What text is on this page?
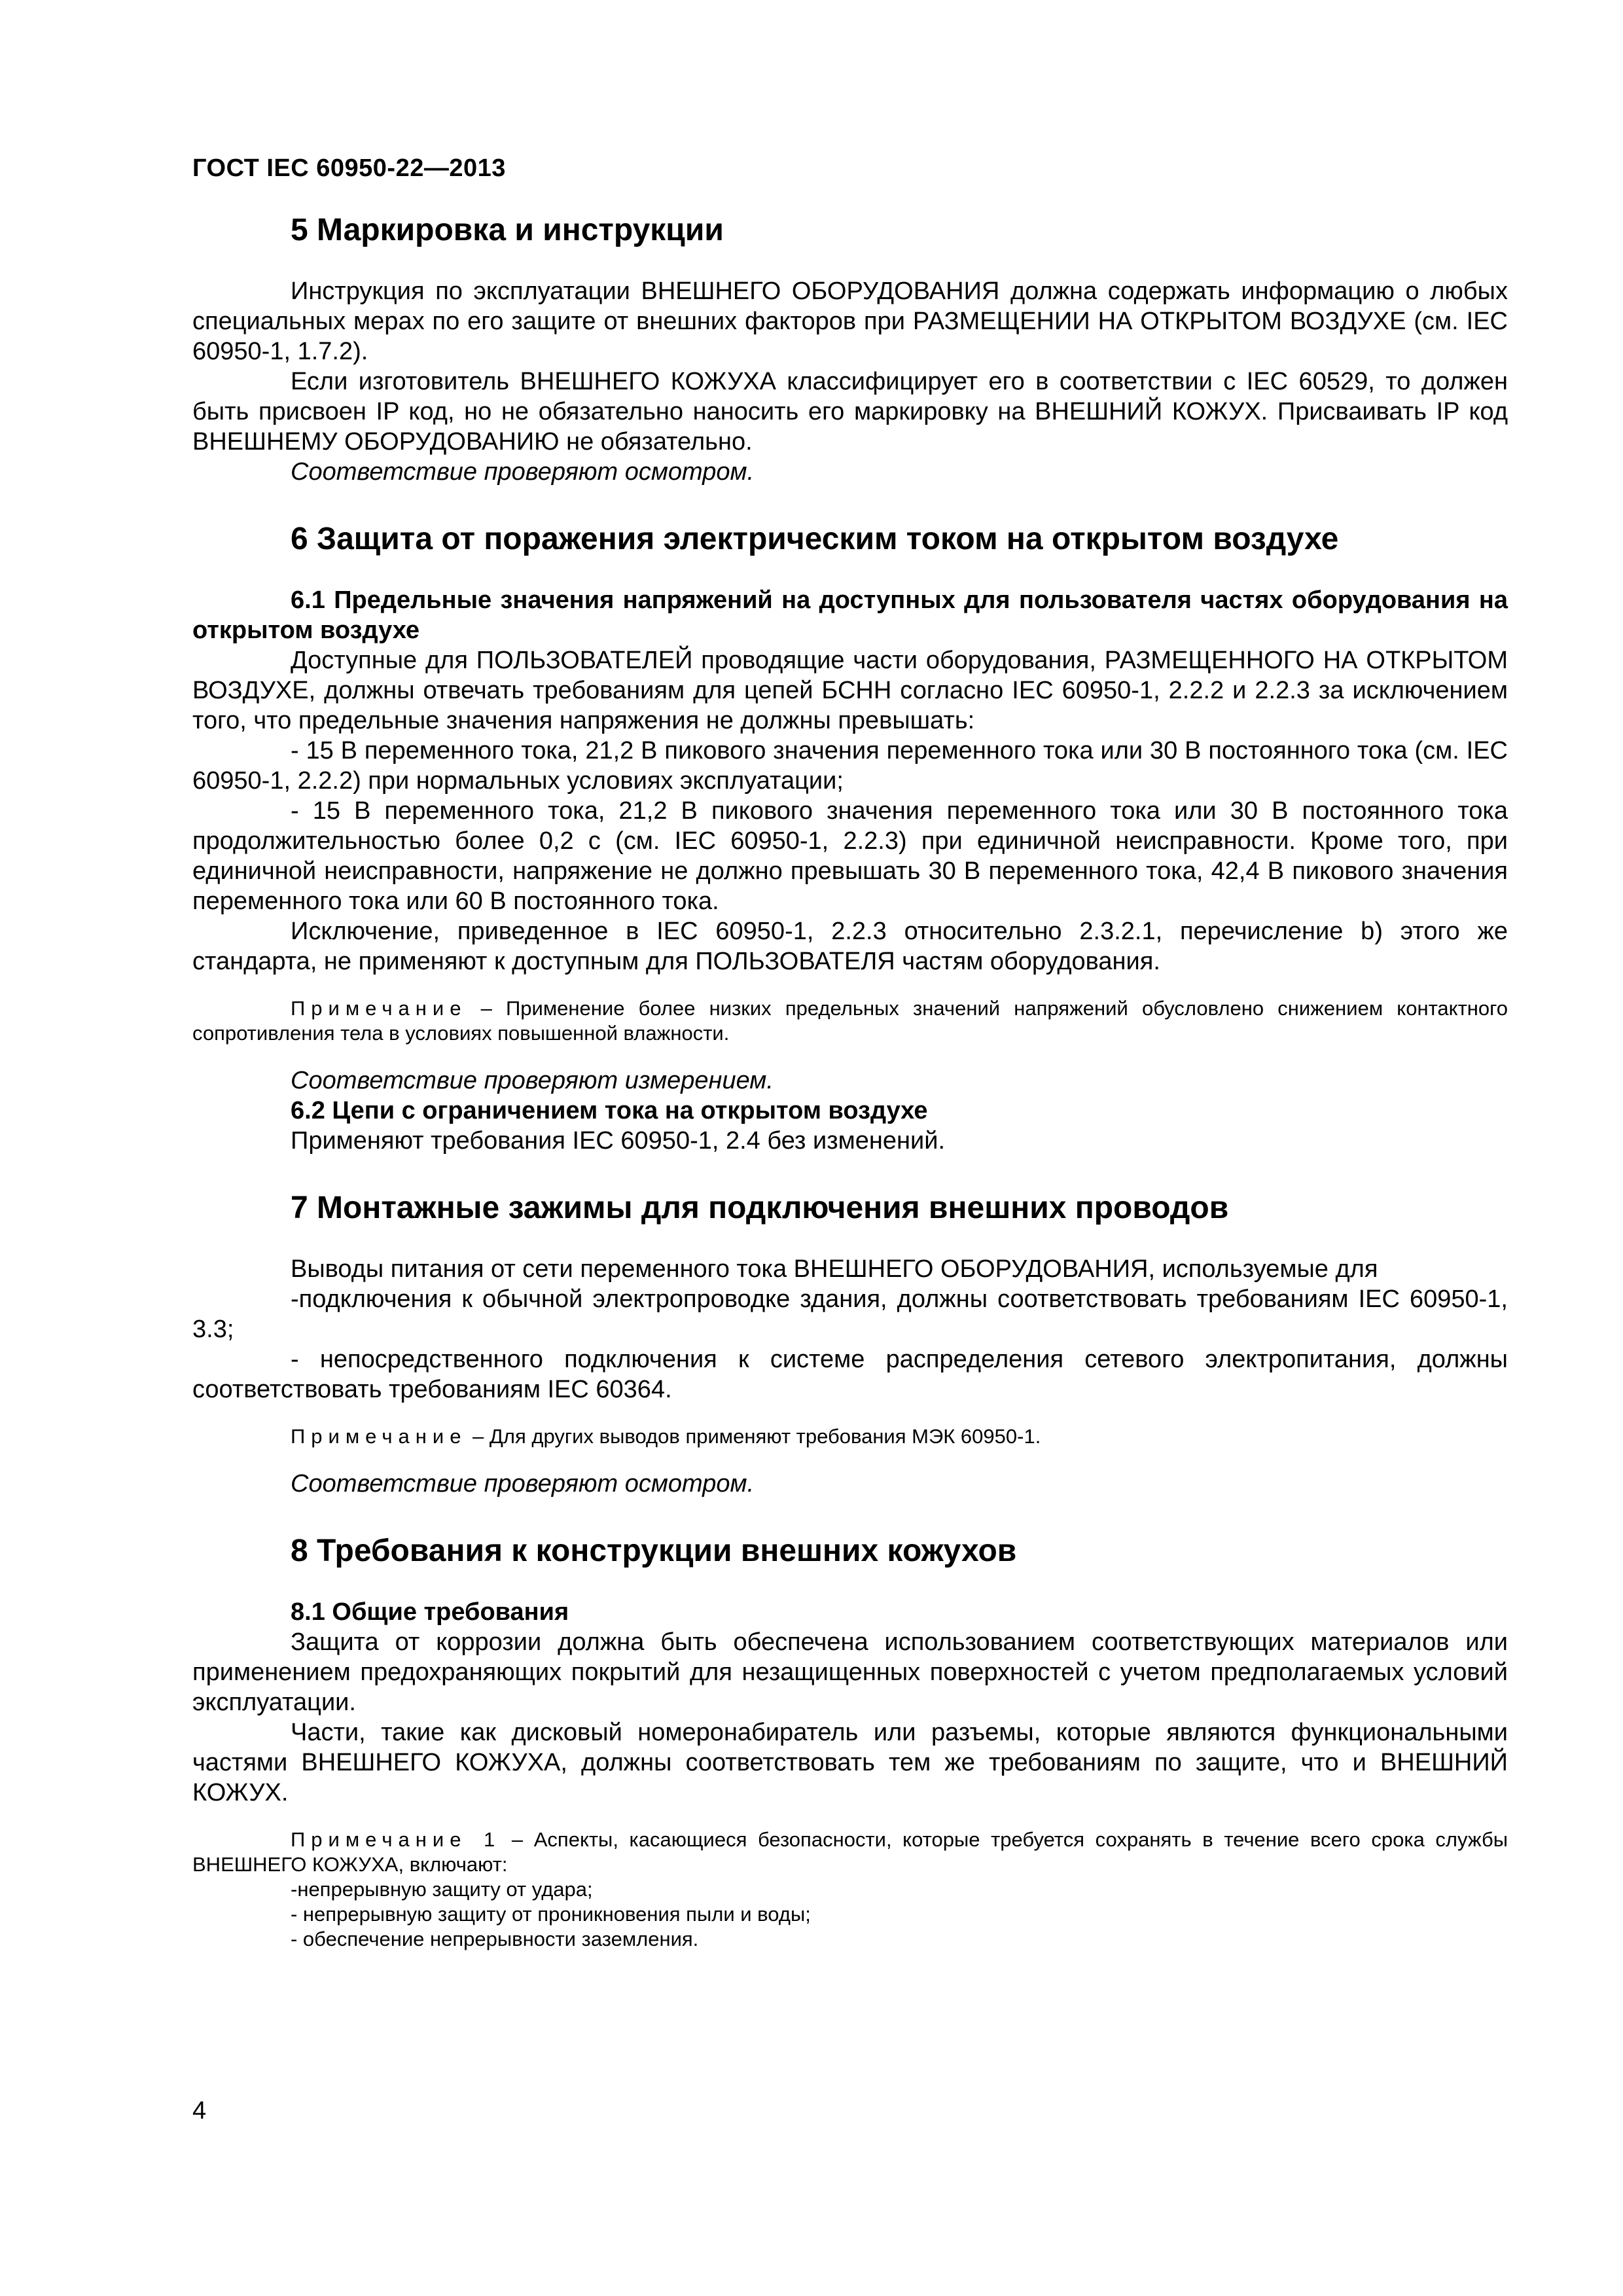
ГОСТ IEC 60950-22—2013
5 Маркировка и инструкции

Инструкция по эксплуатации ВНЕШНЕГО ОБОРУДОВАНИЯ должна содержать информацию о любых специальных мерах по его защите от внешних факторов при РАЗМЕЩЕНИИ НА ОТКРЫТОМ ВОЗДУХЕ (см. IEC 60950-1, 1.7.2).

Если изготовитель ВНЕШНЕГО КОЖУХА классифицирует его в соответствии с IEC 60529, то должен быть присвоен IP код, но не обязательно наносить его маркировку на ВНЕШНИЙ КОЖУХ. Присваивать IP код ВНЕШНЕМУ ОБОРУДОВАНИЮ не обязательно.

Соответствие проверяют осмотром.

6 Защита от поражения электрическим током на открытом воздухе
6.1 Предельные значения напряжений на доступных для пользователя частях оборудования на открытом воздухе

Доступные для ПОЛЬЗОВАТЕЛЕЙ проводящие части оборудования, РАЗМЕЩЕННОГО НА ОТКРЫТОМ ВОЗДУХЕ, должны отвечать требованиям для цепей БСНН согласно IEC 60950-1, 2.2.2 и 2.2.3 за исключением того, что предельные значения напряжения не должны превышать:

- 15 В переменного тока, 21,2 В пикового значения переменного тока или 30 В постоянного тока (см. IEC 60950-1, 2.2.2) при нормальных условиях эксплуатации;

- 15 В переменного тока, 21,2 В пикового значения переменного тока или 30 В постоянного тока продолжительностью более 0,2 с (см. IEC 60950-1, 2.2.3) при единичной неисправности. Кроме того, при единичной неисправности, напряжение не должно превышать 30 В переменного тока, 42,4 В пикового значения переменного тока или 60 В постоянного тока.

Исключение, приведенное в IEC 60950-1, 2.2.3 относительно 2.3.2.1, перечисление b) этого же стандарта, не применяют к доступным для ПОЛЬЗОВАТЕЛЯ частям оборудования.

Примечание – Применение более низких предельных значений напряжений обусловлено снижением контактного сопротивления тела в условиях повышенной влажности.

Соответствие проверяют измерением.

6.2 Цепи с ограничением тока на открытом воздухе

Применяют требования IEC 60950-1, 2.4 без изменений.

7 Монтажные зажимы для подключения внешних проводов

Выводы питания от сети переменного тока ВНЕШНЕГО ОБОРУДОВАНИЯ, используемые для

-подключения к обычной электропроводке здания, должны соответствовать требованиям IEC 60950-1, 3.3;

- непосредственного подключения к системе распределения сетевого электропитания, должны соответствовать требованиям IEC 60364.

Примечание – Для других выводов применяют требования МЭК 60950-1.

Соответствие проверяют осмотром.

8 Требования к конструкции внешних кожухов
8.1 Общие требования

Защита от коррозии должна быть обеспечена использованием соответствующих материалов или применением предохраняющих покрытий для незащищенных поверхностей с учетом предполагаемых условий эксплуатации.

Части, такие как дисковый номеронабиратель или разъемы, которые являются функциональными частями ВНЕШНЕГО КОЖУХА, должны соответствовать тем же требованиям по защите, что и ВНЕШНИЙ КОЖУХ.

Примечание 1 – Аспекты, касающиеся безопасности, которые требуется сохранять в течение всего срока службы ВНЕШНЕГО КОЖУХА, включают:

-непрерывную защиту от удара;

- непрерывную защиту от проникновения пыли и воды;

- обеспечение непрерывности заземления.

4
